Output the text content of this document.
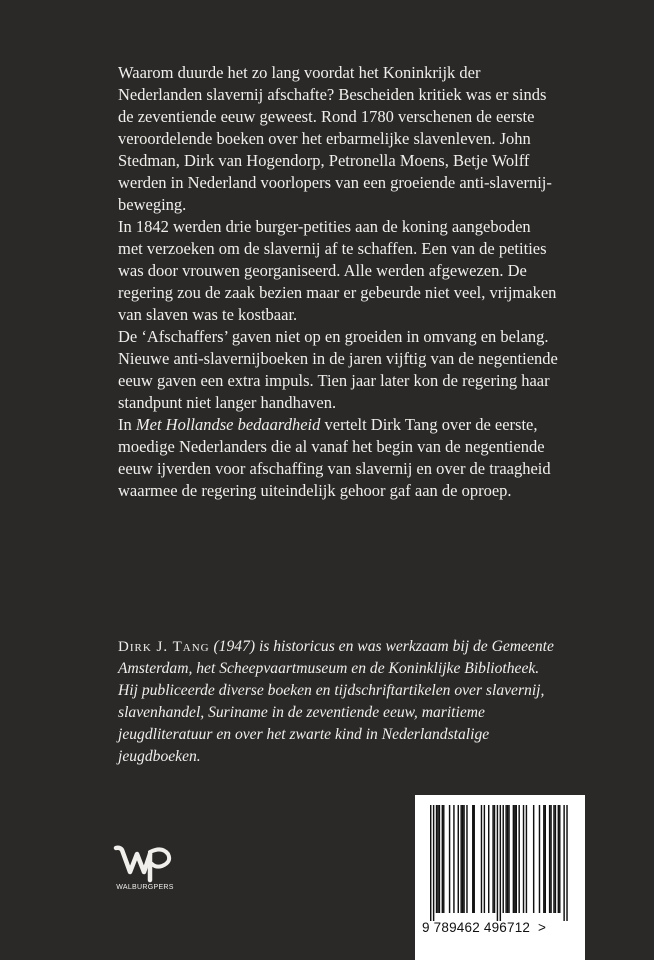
Waarom duurde het zo lang voordat het Koninkrijk der Nederlanden slavernij afschafte? Bescheiden kritiek was er sinds de zeventiende eeuw geweest. Rond 1780 verschenen de eerste veroordelende boeken over het erbarmelijke slavenleven. John Stedman, Dirk van Hogendorp, Petronella Moens, Betje Wolff werden in Nederland voorlopers van een groeiende anti-slavernij-beweging.

In 1842 werden drie burger-petities aan de koning aangeboden met verzoeken om de slavernij af te schaffen. Een van de petities was door vrouwen georganiseerd. Alle werden afgewezen. De regering zou de zaak bezien maar er gebeurde niet veel, vrijmaken van slaven was te kostbaar.

De ‘Afschaffers’ gaven niet op en groeiden in omvang en belang. Nieuwe anti-slavernijboeken in de jaren vijftig van de negentiende eeuw gaven een extra impuls. Tien jaar later kon de regering haar standpunt niet langer handhaven.

In Met Hollandse bedaardheid vertelt Dirk Tang over de eerste, moedige Nederlanders die al vanaf het begin van de negentiende eeuw ijverden voor afschaffing van slavernij en over de traagheid waarmee de regering uiteindelijk gehoor gaf aan de oproep.

Dirk J. Tang (1947) is historicus en was werkzaam bij de Gemeente Amsterdam, het Scheepvaartmuseum en de Koninklijke Bibliotheek. Hij publiceerde diverse boeken en tijdschriftartikelen over slavernij, slavenhandel, Suriname in de zeventiende eeuw, maritieme jeugdliteratuur en over het zwarte kind in Nederlandstalige jeugdboeken.
WALBURGPERS
9 789462 496712  >
